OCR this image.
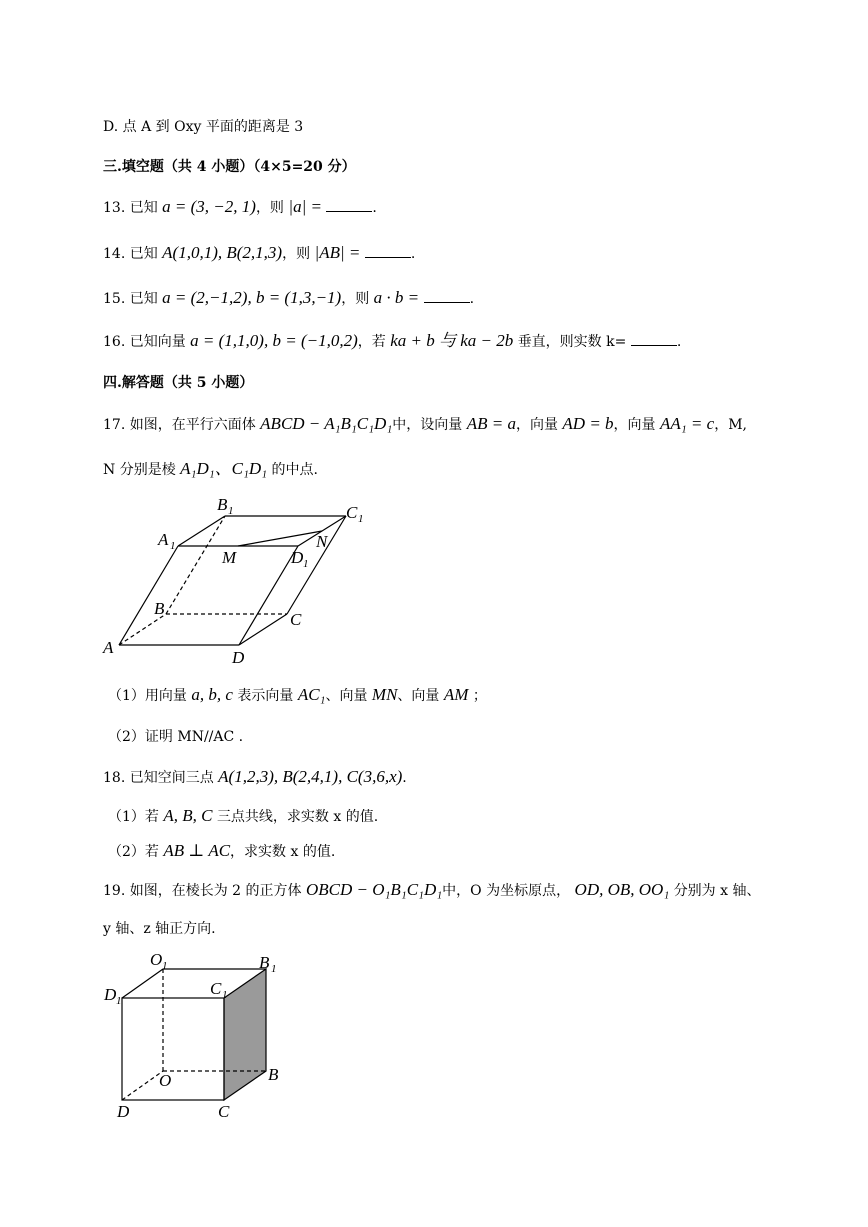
D. 点 A 到 Oxy 平面的距离是 3
三.填空题（共 4 小题）（4×5=20 分）
13. 已知 a = (3, −2, 1)，则 |a| =	.
14. 已知 A(1,0,1), B(2,1,3)，则 |AB| =	.
15. 已知 a = (2,−1,2), b = (1,3,−1)，则 a · b =	.
16. 已知向量 a = (1,1,0), b = (−1,0,2)，若 ka + b 与 ka − 2b 垂直，则实数 k=	.
四.解答题（共 5 小题）
17. 如图，在平行六面体 ABCD − A₁B₁C₁D₁中，设向量 AB = a，向量 AD = b，向量 AA₁ = c，M,
N 分别是棱 A₁D₁、C₁D₁ 的中点.
A
B
C
D
A 1
B 1	C 1
D 1
M
N
（1）用向量 a, b, c 表示向量 AC₁、向量 MN、向量 AM ；
（2）证明 MN//AC .
18. 已知空间三点 A(1,2,3), B(2,4,1), C(3,6,x).
（1）若 A, B, C 三点共线，求实数 x 的值.
（2）若 AB ⊥ AC，求实数 x 的值.
19. 如图，在棱长为 2 的正方体 OBCD − O₁B₁C₁D₁中，O 为坐标原点， OD, OB, OO₁ 分别为 x 轴、
y 轴、z 轴正方向.
O 1	B 1
D 1
C 1
O	B
D	C
